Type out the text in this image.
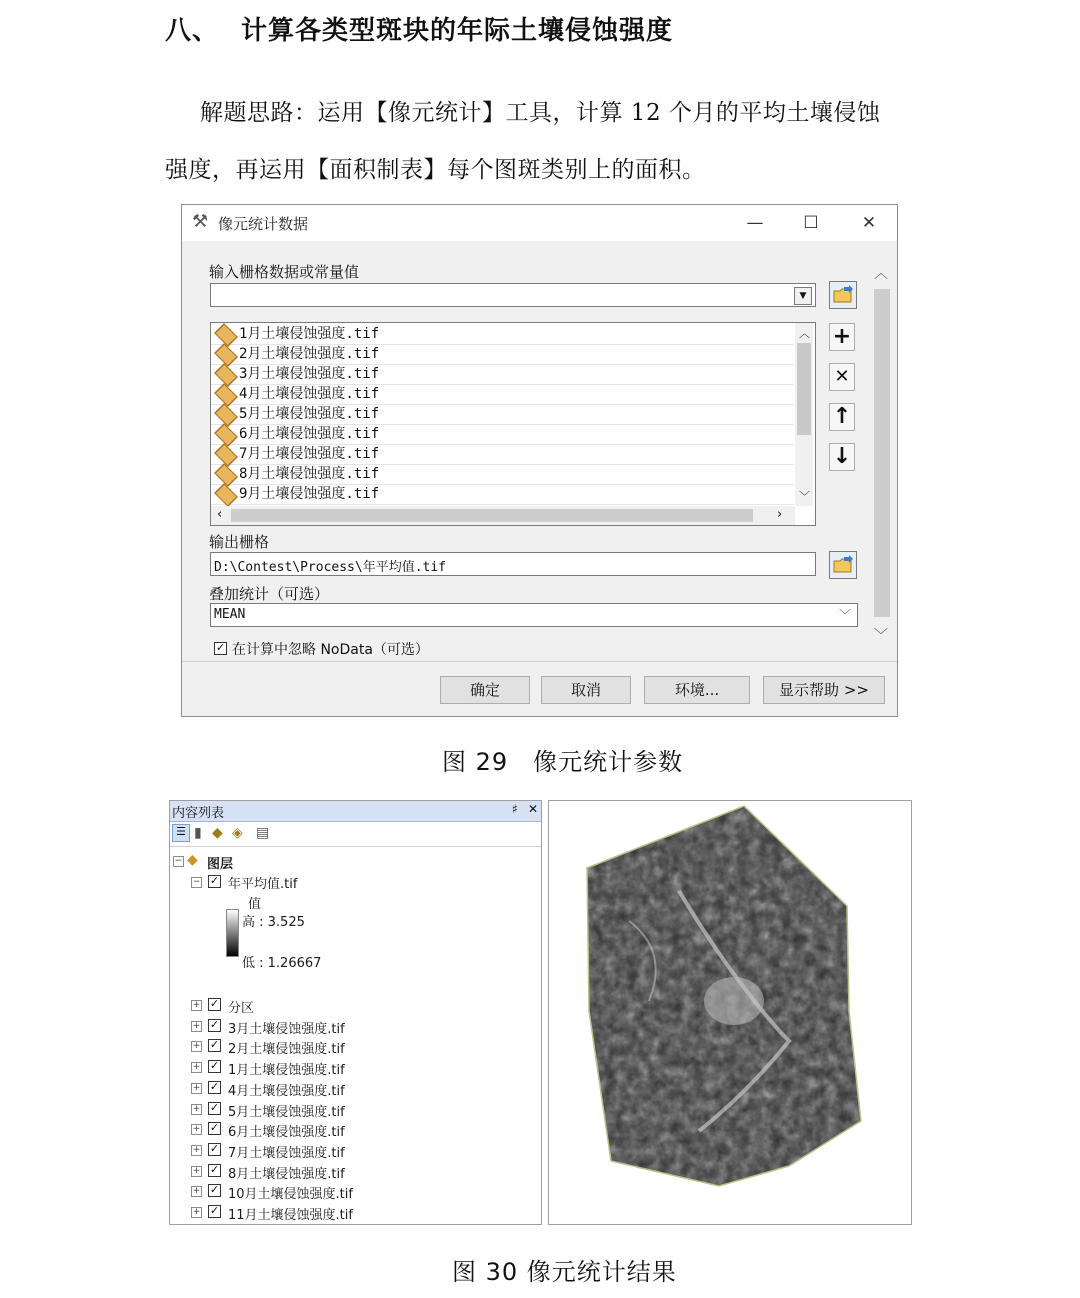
八、 计算各类型斑块的年际土壤侵蚀强度
解题思路：运用【像元统计】工具，计算 12 个月的平均土壤侵蚀
强度，再运用【面积制表】每个图斑类别上的面积。
⚒ 像元统计数据	—	☐	✕
︿
﹀
输入栅格数据或常量值
▼
1月土壤侵蚀强度.tif
2月土壤侵蚀强度.tif
3月土壤侵蚀强度.tif
4月土壤侵蚀强度.tif
5月土壤侵蚀强度.tif
6月土壤侵蚀强度.tif
7月土壤侵蚀强度.tif
8月土壤侵蚀强度.tif
9月土壤侵蚀强度.tif
︿
﹀
‹	›
+
✕
↑
↓
输出栅格
D:\Contest\Process\年平均值.tif
叠加统计（可选）
MEAN	﹀
✓ 在计算中忽略 NoData（可选）
确定	取消	环境...	显示帮助 >>
图 29　像元统计参数
内容列表	♯ ✕
☰ ▮ ◆ ◈ ▤
− ◆ 图层
− ✓ 年平均值.tif
值
高 : 3.525
低 : 1.26667
+ ✓ 分区
+ ✓ 3月土壤侵蚀强度.tif
+ ✓ 2月土壤侵蚀强度.tif
+ ✓ 1月土壤侵蚀强度.tif
+ ✓ 4月土壤侵蚀强度.tif
+ ✓ 5月土壤侵蚀强度.tif
+ ✓ 6月土壤侵蚀强度.tif
+ ✓ 7月土壤侵蚀强度.tif
+ ✓ 8月土壤侵蚀强度.tif
+ ✓ 10月土壤侵蚀强度.tif
+ ✓ 11月土壤侵蚀强度.tif
图 30 像元统计结果
